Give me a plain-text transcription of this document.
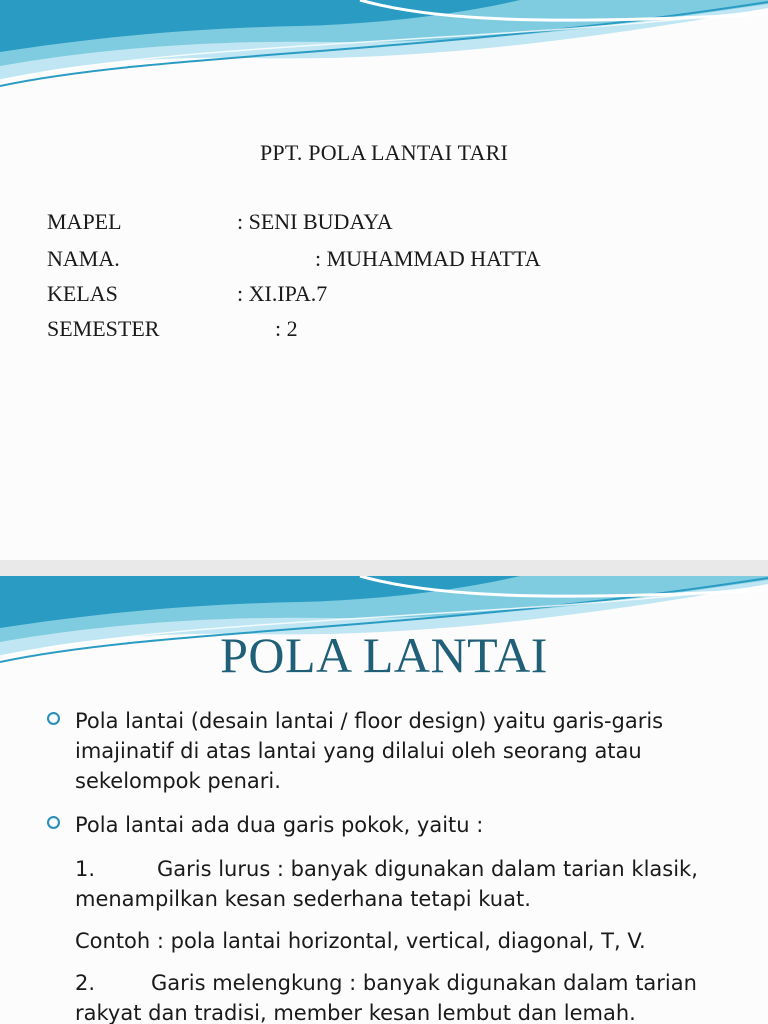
PPT. POLA LANTAI TARI
MAPEL	: SENI BUDAYA
NAMA.	: MUHAMMAD HATTA
KELAS	: XI.IPA.7
SEMESTER	: 2
POLA LANTAI
Pola lantai (desain lantai / floor design) yaitu garis-garis imajinatif di atas lantai yang dilalui oleh seorang atau sekelompok penari.
Pola lantai ada dua garis pokok, yaitu :
1.	Garis lurus : banyak digunakan dalam tarian klasik, menampilkan kesan sederhana tetapi kuat.
Contoh : pola lantai horizontal, vertical, diagonal, T, V.
2.	Garis melengkung : banyak digunakan dalam tarian rakyat dan tradisi, member kesan lembut dan lemah.
